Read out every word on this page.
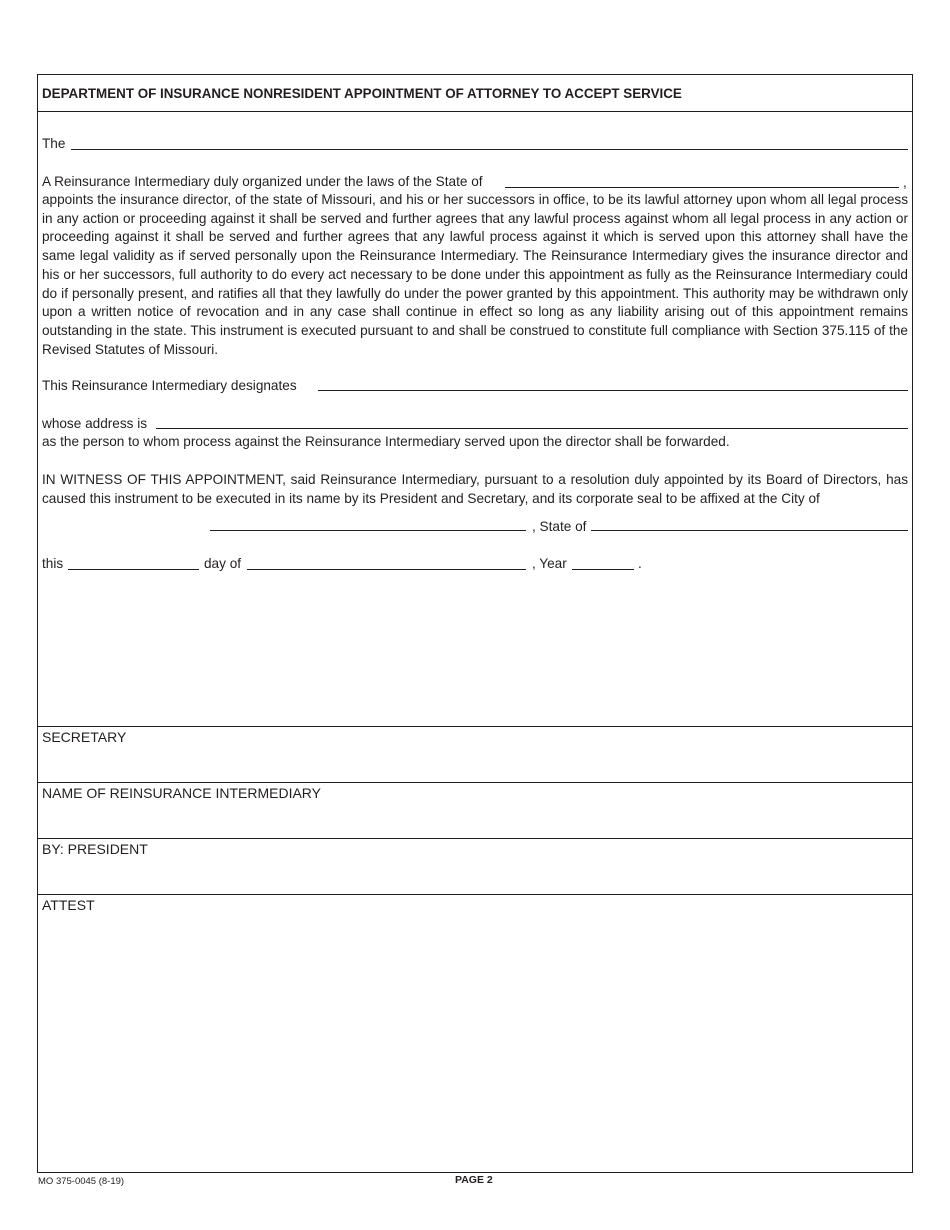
DEPARTMENT OF INSURANCE NONRESIDENT APPOINTMENT OF ATTORNEY TO ACCEPT SERVICE
The
A Reinsurance Intermediary duly organized under the laws of the State of	,
appoints the insurance director, of the state of Missouri, and his or her successors in office, to be its lawful attorney upon whom all legal process in any action or proceeding against it shall be served and further agrees that any lawful process against whom all legal process in any action or proceeding against it shall be served and further agrees that any lawful process against it which is served upon this attorney shall have the same legal validity as if served personally upon the Reinsurance Intermediary. The Reinsurance Intermediary gives the insurance director and his or her successors, full authority to do every act necessary to be done under this appointment as fully as the Reinsurance Intermediary could do if personally present, and ratifies all that they lawfully do under the power granted by this appointment. This authority may be withdrawn only upon a written notice of revocation and in any case shall continue in effect so long as any liability arising out of this appointment remains outstanding in the state. This instrument is executed pursuant to and shall be construed to constitute full compliance with Section 375.115 of the Revised Statutes of Missouri.
This Reinsurance Intermediary designates
whose address is
as the person to whom process against the Reinsurance Intermediary served upon the director shall be forwarded.
IN WITNESS OF THIS APPOINTMENT, said Reinsurance Intermediary, pursuant to a resolution duly appointed by its Board of Directors, has caused this instrument to be executed in its name by its President and Secretary, and its corporate seal to be affixed at the City of
, State of
this	day of	, Year	.
SECRETARY
NAME OF REINSURANCE INTERMEDIARY
BY: PRESIDENT
ATTEST
MO 375-0045 (8-19)	PAGE 2
